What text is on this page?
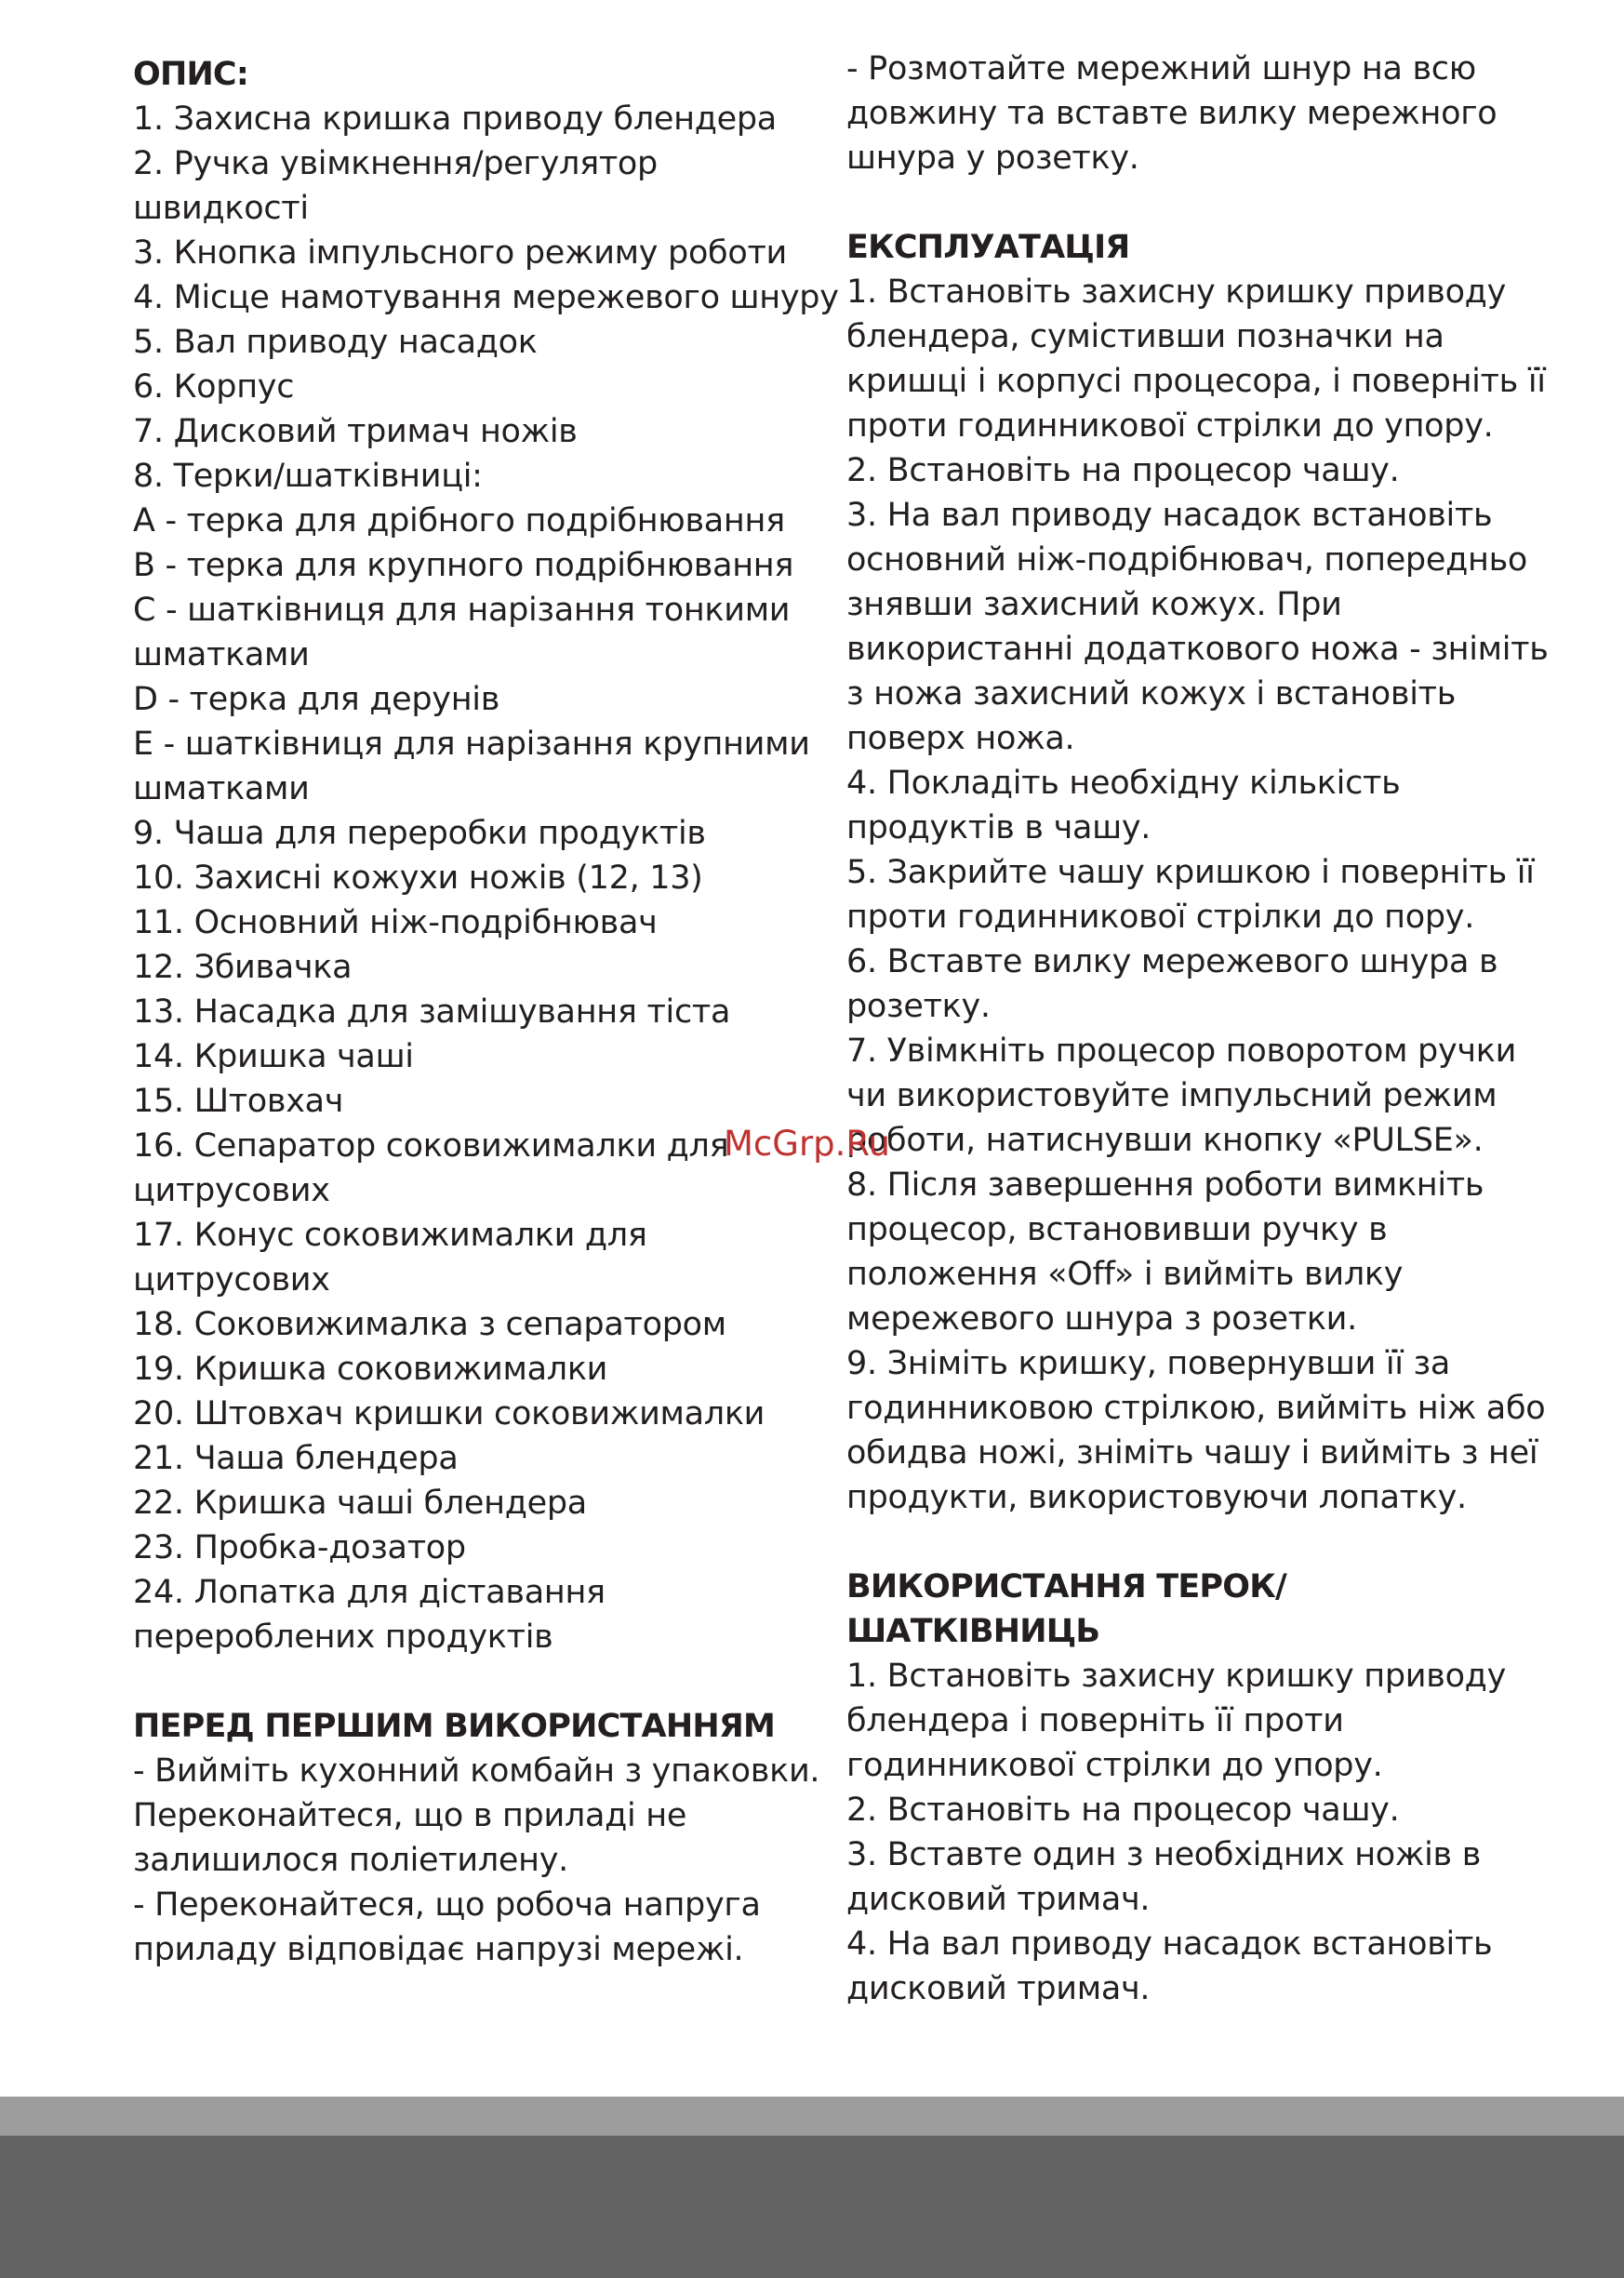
ОПИС:
1. Захисна кришка приводу блендера
2. Ручка увімкнення/регулятор
швидкості
3. Кнопка імпульсного режиму роботи
4. Місце намотування мережевого шнуру
5. Вал приводу насадок
6. Корпус
7. Дисковий тримач ножів
8. Терки/шатківниці:
A - терка для дрібного подрібнювання
B - терка для крупного подрібнювання
C - шатківниця для нарізання тонкими
шматками
D - терка для дерунів
E - шатківниця для нарізання крупними
шматками
9. Чаша для переробки продуктів
10. Захисні кожухи ножів (12, 13)
11. Основний ніж-подрібнювач
12. Збивачка
13. Насадка для замішування тіста
14. Кришка чаші
15. Штовхач
16. Сепаратор соковижималки для
цитрусових
17. Конус соковижималки для
цитрусових
18. Соковижималка з сепаратором
19. Кришка соковижималки
20. Штовхач кришки соковижималки
21. Чаша блендера
22. Кришка чаші блендера
23. Пробка-дозатор
24. Лопатка для діставання
перероблених продуктів
ПЕРЕД ПЕРШИМ ВИКОРИСТАННЯМ
- Вийміть кухонний комбайн з упаковки.
Переконайтеся, що в приладі не
залишилося поліетилену.
- Переконайтеся, що робоча напруга
приладу відповідає напрузі мережі.
- Розмотайте мережний шнур на всю
довжину та вставте вилку мережного
шнура у розетку.
ЕКСПЛУАТАЦІЯ
1. Встановіть захисну кришку приводу
блендера, сумістивши позначки на
кришці і корпусі процесора, і поверніть її
проти годинникової стрілки до упору.
2. Встановіть на процесор чашу.
3. На вал приводу насадок встановіть
основний ніж-подрібнювач, попередньо
знявши захисний кожух. При
використанні додаткового ножа - зніміть
з ножа захисний кожух і встановіть
поверх ножа.
4. Покладіть необхідну кількість
продуктів в чашу.
5. Закрийте чашу кришкою і поверніть її
проти годинникової стрілки до пору.
6. Вставте вилку мережевого шнура в
розетку.
7. Увімкніть процесор поворотом ручки
чи використовуйте імпульсний режим
роботи, натиснувши кнопку «PULSE».
8. Після завершення роботи вимкніть
процесор, встановивши ручку в
положення «Off» і вийміть вилку
мережевого шнура з розетки.
9. Зніміть кришку, повернувши її за
годинниковою стрілкою, вийміть ніж або
обидва ножі, зніміть чашу і вийміть з неї
продукти, використовуючи лопатку.
ВИКОРИСТАННЯ ТЕРОК/ШАТКІВНИЦЬ
1. Встановіть захисну кришку приводу
блендера і поверніть її проти
годинникової стрілки до упору.
2. Встановіть на процесор чашу.
3. Вставте один з необхідних ножів в
дисковий тримач.
4. На вал приводу насадок встановіть
дисковий тримач.
McGrp.Ru
